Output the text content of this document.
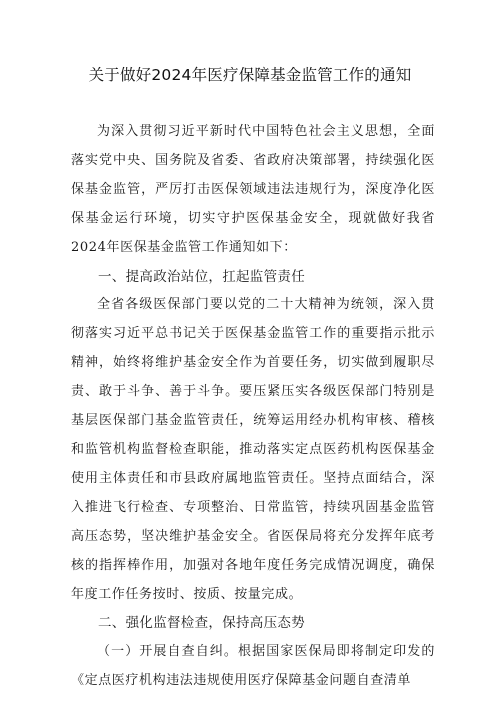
关于做好2024年医疗保障基金监管工作的通知

为深入贯彻习近平新时代中国特色社会主义思想，全面落实党中央、国务院及省委、省政府决策部署，持续强化医保基金监管，严厉打击医保领域违法违规行为，深度净化医保基金运行环境，切实守护医保基金安全，现就做好我省2024年医保基金监管工作通知如下：

一、提高政治站位，扛起监管责任

全省各级医保部门要以党的二十大精神为统领，深入贯彻落实习近平总书记关于医保基金监管工作的重要指示批示精神，始终将维护基金安全作为首要任务，切实做到履职尽责、敢于斗争、善于斗争。要压紧压实各级医保部门特别是基层医保部门基金监管责任，统筹运用经办机构审核、稽核和监管机构监督检查职能，推动落实定点医药机构医保基金使用主体责任和市县政府属地监管责任。坚持点面结合，深入推进飞行检查、专项整治、日常监管，持续巩固基金监管高压态势，坚决维护基金安全。省医保局将充分发挥年底考核的指挥棒作用，加强对各地年度任务完成情况调度，确保年度工作任务按时、按质、按量完成。

二、强化监督检查，保持高压态势

（一）开展自查自纠。根据国家医保局即将制定印发的《定点医疗机构违法违规使用医疗保障基金问题自查清单
